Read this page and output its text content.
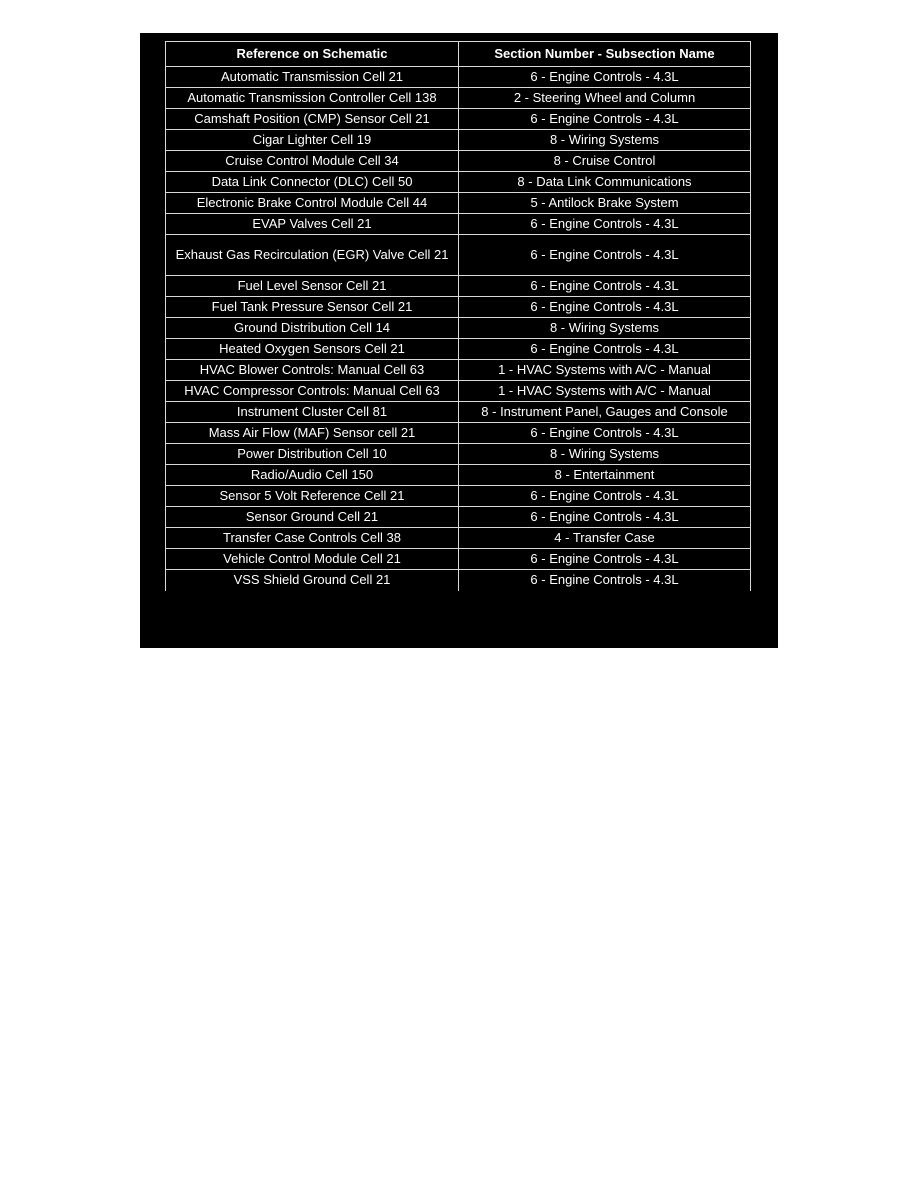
Reference on Schematic	Section Number - Subsection Name
Automatic Transmission Cell 21	6 - Engine Controls - 4.3L
Automatic Transmission Controller Cell 138	2 - Steering Wheel and Column
Camshaft Position (CMP) Sensor Cell 21	6 - Engine Controls - 4.3L
Cigar Lighter Cell 19	8 - Wiring Systems
Cruise Control Module Cell 34	8 - Cruise Control
Data Link Connector (DLC) Cell 50	8 - Data Link Communications
Electronic Brake Control Module Cell 44	5 - Antilock Brake System
EVAP Valves Cell 21	6 - Engine Controls - 4.3L
Exhaust Gas Recirculation (EGR) Valve Cell 21	6 - Engine Controls - 4.3L
Fuel Level Sensor Cell 21	6 - Engine Controls - 4.3L
Fuel Tank Pressure Sensor Cell 21	6 - Engine Controls - 4.3L
Ground Distribution Cell 14	8 - Wiring Systems
Heated Oxygen Sensors Cell 21	6 - Engine Controls - 4.3L
HVAC Blower Controls: Manual Cell 63	1 - HVAC Systems with A/C - Manual
HVAC Compressor Controls: Manual Cell 63	1 - HVAC Systems with A/C - Manual
Instrument Cluster Cell 81	8 - Instrument Panel, Gauges and Console
Mass Air Flow (MAF) Sensor cell 21	6 - Engine Controls - 4.3L
Power Distribution Cell 10	8 - Wiring Systems
Radio/Audio Cell 150	8 - Entertainment
Sensor 5 Volt Reference Cell 21	6 - Engine Controls - 4.3L
Sensor Ground Cell 21	6 - Engine Controls - 4.3L
Transfer Case Controls Cell 38	4 - Transfer Case
Vehicle Control Module Cell 21	6 - Engine Controls - 4.3L
VSS Shield Ground Cell 21	6 - Engine Controls - 4.3L
